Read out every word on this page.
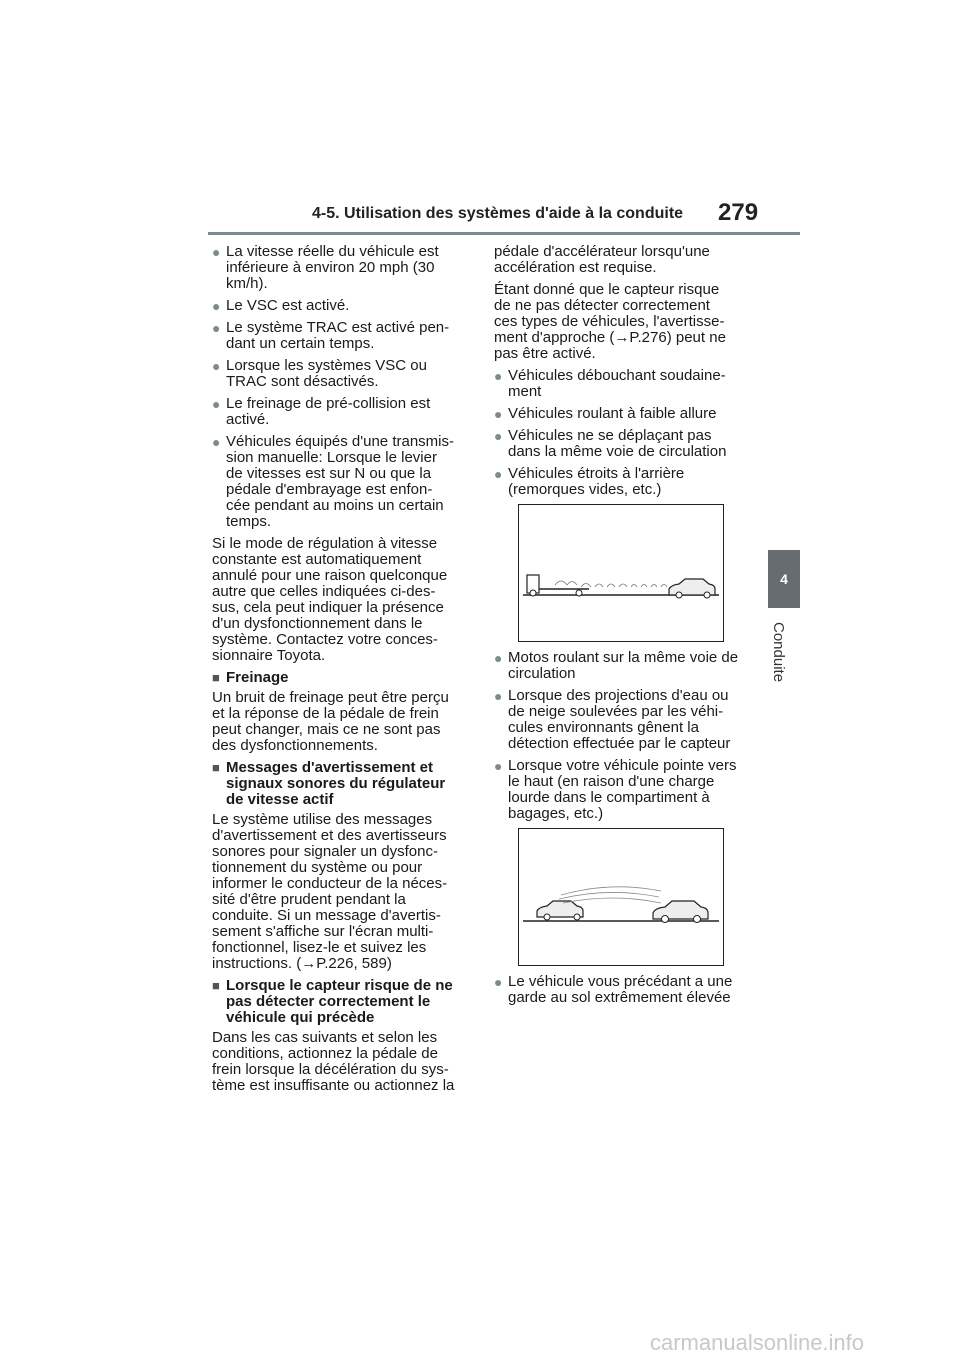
4-5. Utilisation des systèmes d'aide à la conduite 279
4
Conduite
● La vitesse réelle du véhicule est
inférieure à environ 20 mph (30
km/h).
● Le VSC est activé.
● Le système TRAC est activé pen-
dant un certain temps.
● Lorsque les systèmes VSC ou
TRAC sont désactivés.
● Le freinage de pré-collision est
activé.
● Véhicules équipés d'une transmis-
sion manuelle: Lorsque le levier
de vitesses est sur N ou que la
pédale d'embrayage est enfon-
cée pendant au moins un certain
temps.
Si le mode de régulation à vitesse
constante est automatiquement
annulé pour une raison quelconque
autre que celles indiquées ci-des-
sus, cela peut indiquer la présence
d'un dysfonctionnement dans le
système. Contactez votre conces-
sionnaire Toyota.
■ Freinage
Un bruit de freinage peut être perçu
et la réponse de la pédale de frein
peut changer, mais ce ne sont pas
des dysfonctionnements.
■ Messages d'avertissement et
signaux sonores du régulateur
de vitesse actif
Le système utilise des messages
d'avertissement et des avertisseurs
sonores pour signaler un dysfonc-
tionnement du système ou pour
informer le conducteur de la néces-
sité d'être prudent pendant la
conduite. Si un message d'avertis-
sement s'affiche sur l'écran multi-
fonctionnel, lisez-le et suivez les
instructions. (→P.226, 589)
■ Lorsque le capteur risque de ne
pas détecter correctement le
véhicule qui précède
Dans les cas suivants et selon les
conditions, actionnez la pédale de
frein lorsque la décélération du sys-
tème est insuffisante ou actionnez la
pédale d'accélérateur lorsqu'une
accélération est requise.
Étant donné que le capteur risque
de ne pas détecter correctement
ces types de véhicules, l'avertisse-
ment d'approche (→P.276) peut ne
pas être activé.
● Véhicules débouchant soudaine-
ment
● Véhicules roulant à faible allure
● Véhicules ne se déplaçant pas
dans la même voie de circulation
● Véhicules étroits à l'arrière
(remorques vides, etc.)
● Motos roulant sur la même voie de
circulation
● Lorsque des projections d'eau ou
de neige soulevées par les véhi-
cules environnants gênent la
détection effectuée par le capteur
● Lorsque votre véhicule pointe vers
le haut (en raison d'une charge
lourde dans le compartiment à
bagages, etc.)
● Le véhicule vous précédant a une
garde au sol extrêmement élevée
carmanualsonline.info
